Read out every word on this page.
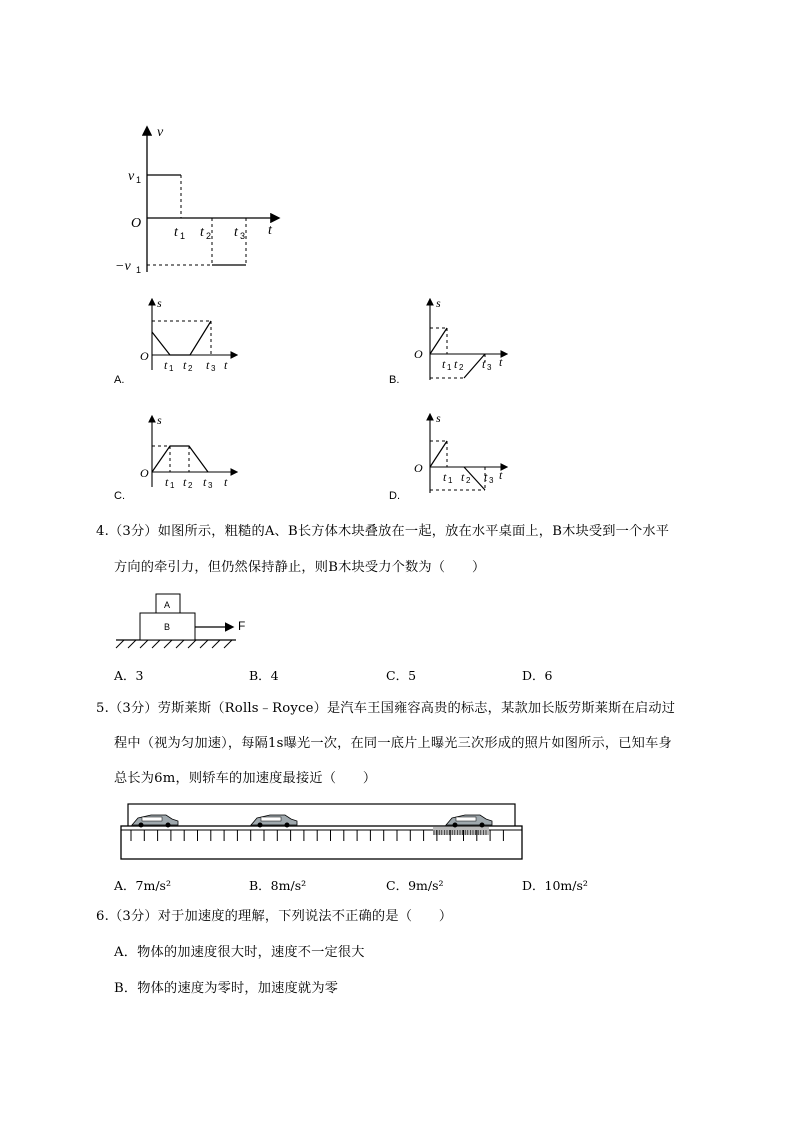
v
t
v 1
−v 1
O
t 1 t 2 t 3
s
O
t 1 t 2 t 3 t
A.
s
O
t 1 t 2 t 3 t
B.
s
O
t 1 t 2 t 3 t
C.
s
O
t 1 t 2 t 3 t
D.
4.（3分）如图所示，粗糙的A、B长方体木块叠放在一起，放在水平桌面上，B木块受到一个水平
方向的牵引力，但仍然保持静止，则B木块受力个数为（　　）
A
B	F
A．3	B．4	C．5	D．6
5.（3分）劳斯莱斯（Rolls﹣Royce）是汽车王国雍容高贵的标志，某款加长版劳斯莱斯在启动过
程中（视为匀加速），每隔1s曝光一次，在同一底片上曝光三次形成的照片如图所示，已知车身
总长为6m，则轿车的加速度最接近（　　）
A．7m/s²	B．8m/s²	C．9m/s²	D．10m/s²
6.（3分）对于加速度的理解，下列说法不正确的是（　　）
A．物体的加速度很大时，速度不一定很大
B．物体的速度为零时，加速度就为零
